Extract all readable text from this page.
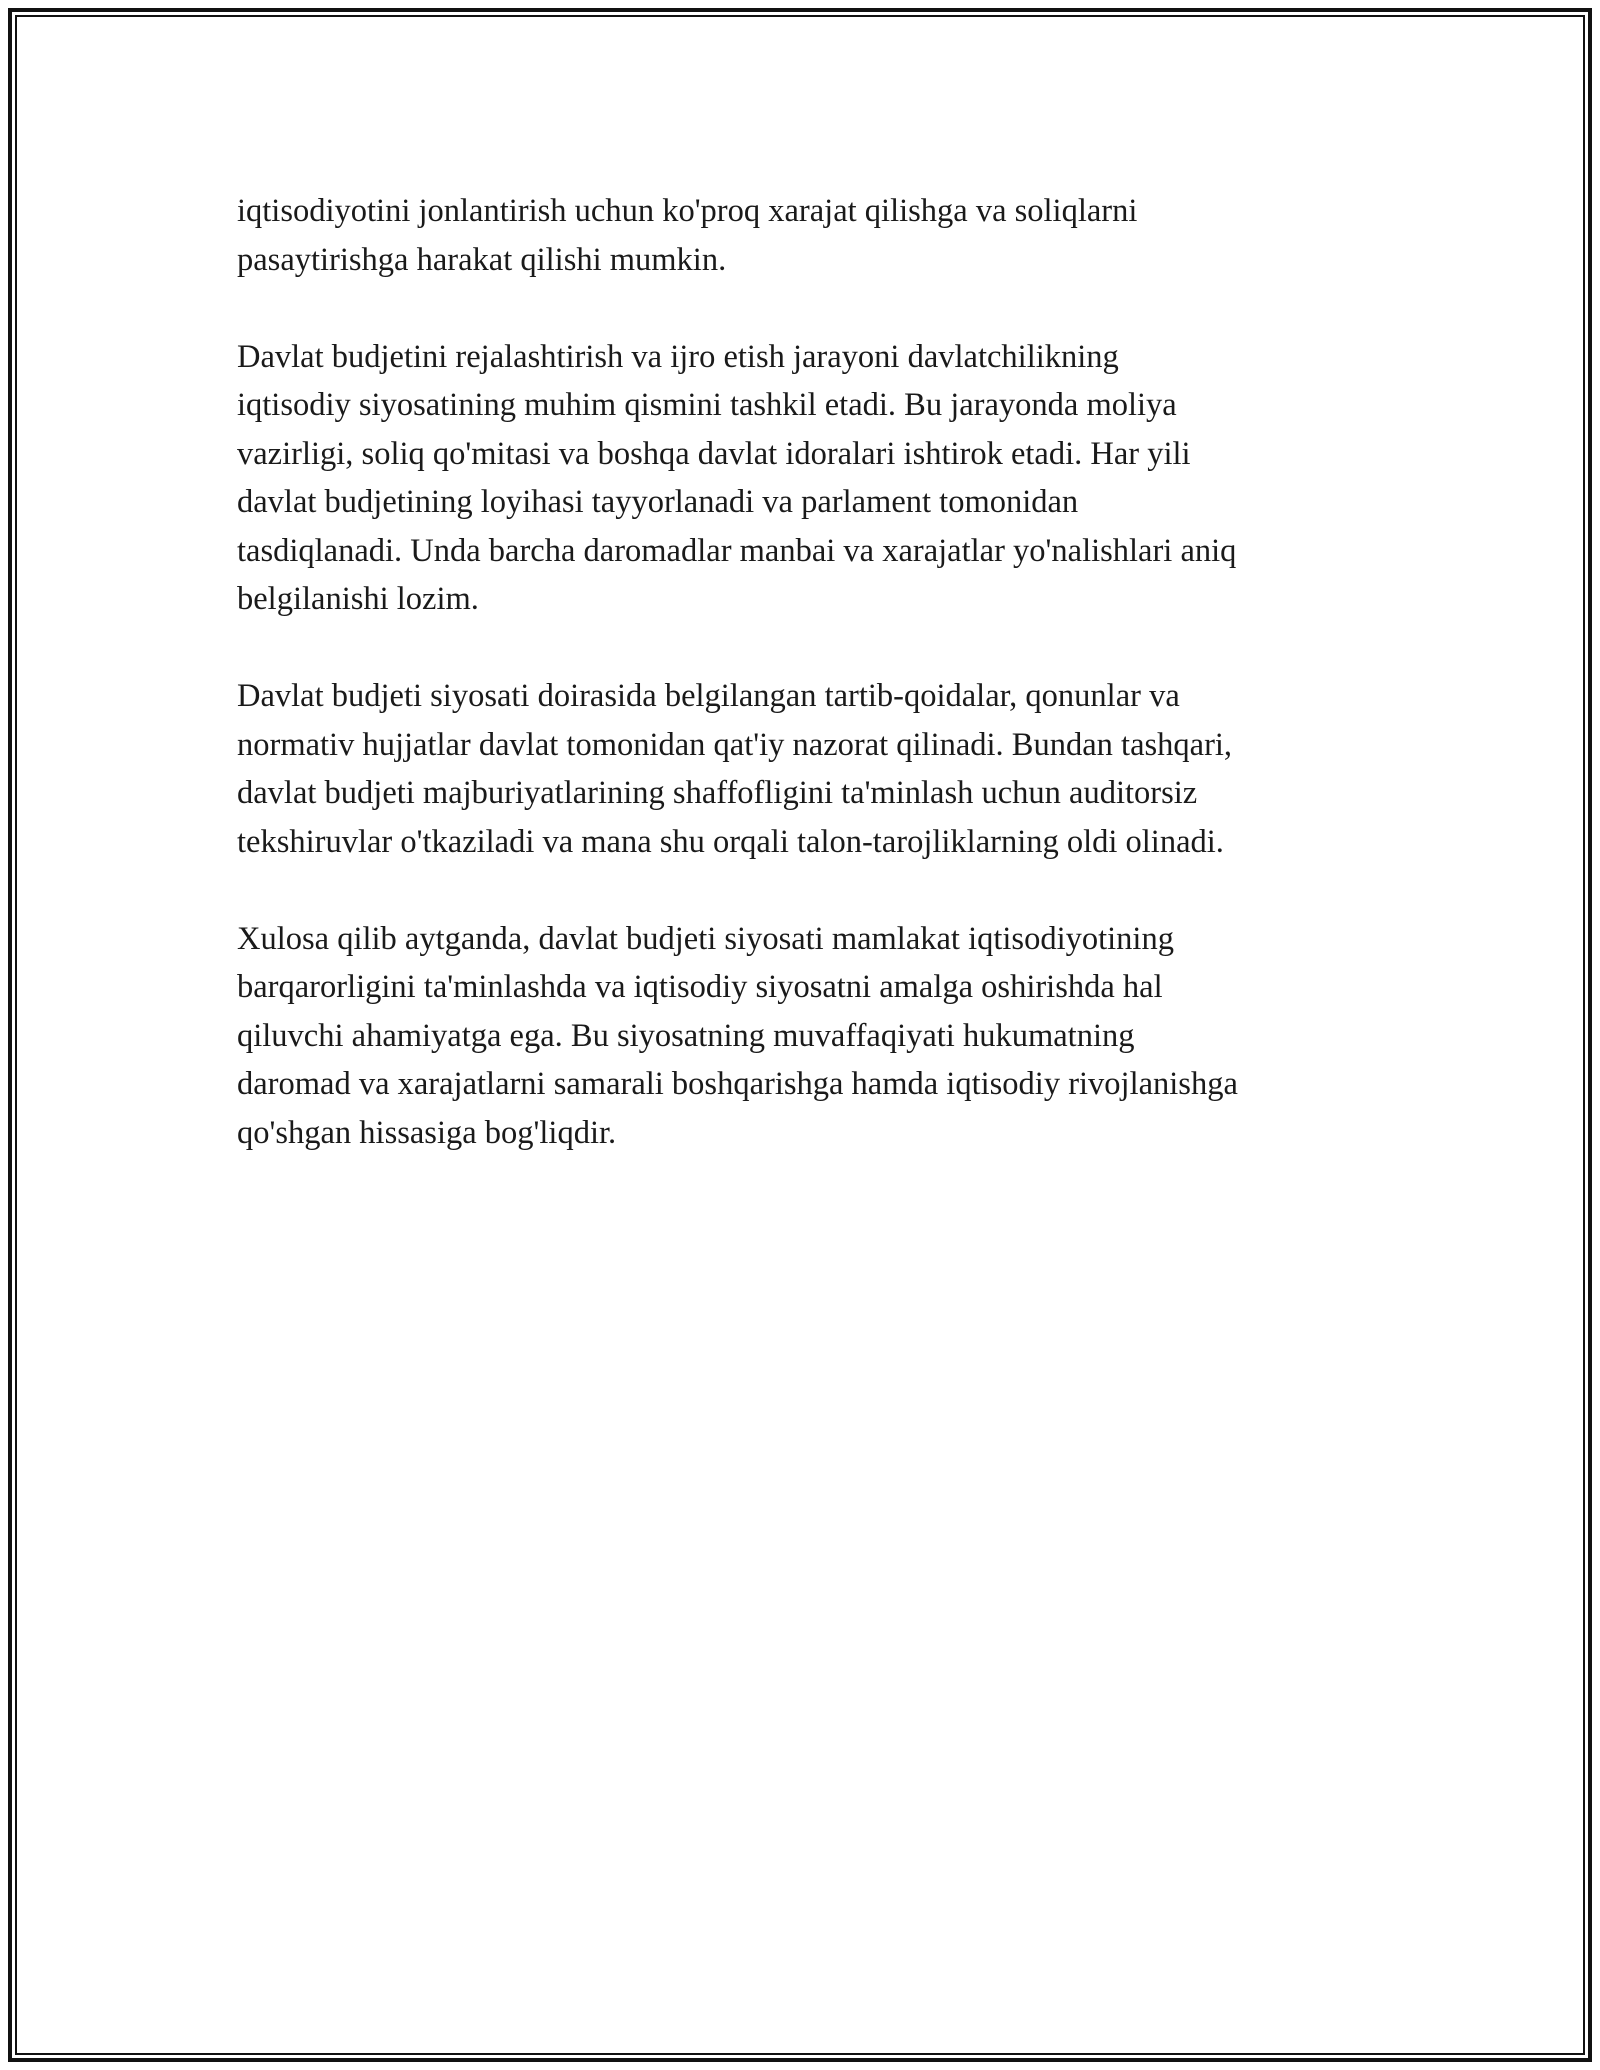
iqtisodiyotini jonlantirish uchun ko'proq xarajat qilishga va soliqlarni
pasaytirishga harakat qilishi mumkin.

Davlat budjetini rejalashtirish va ijro etish jarayoni davlatchilikning
iqtisodiy siyosatining muhim qismini tashkil etadi. Bu jarayonda moliya
vazirligi, soliq qo'mitasi va boshqa davlat idoralari ishtirok etadi. Har yili
davlat budjetining loyihasi tayyorlanadi va parlament tomonidan
tasdiqlanadi. Unda barcha daromadlar manbai va xarajatlar yo'nalishlari aniq
belgilanishi lozim.

Davlat budjeti siyosati doirasida belgilangan tartib-qoidalar, qonunlar va
normativ hujjatlar davlat tomonidan qat'iy nazorat qilinadi. Bundan tashqari,
davlat budjeti majburiyatlarining shaffofligini ta'minlash uchun auditorsiz
tekshiruvlar o'tkaziladi va mana shu orqali talon-tarojliklarning oldi olinadi.

Xulosa qilib aytganda, davlat budjeti siyosati mamlakat iqtisodiyotining
barqarorligini ta'minlashda va iqtisodiy siyosatni amalga oshirishda hal
qiluvchi ahamiyatga ega. Bu siyosatning muvaffaqiyati hukumatning
daromad va xarajatlarni samarali boshqarishga hamda iqtisodiy rivojlanishga
qo'shgan hissasiga bog'liqdir.
